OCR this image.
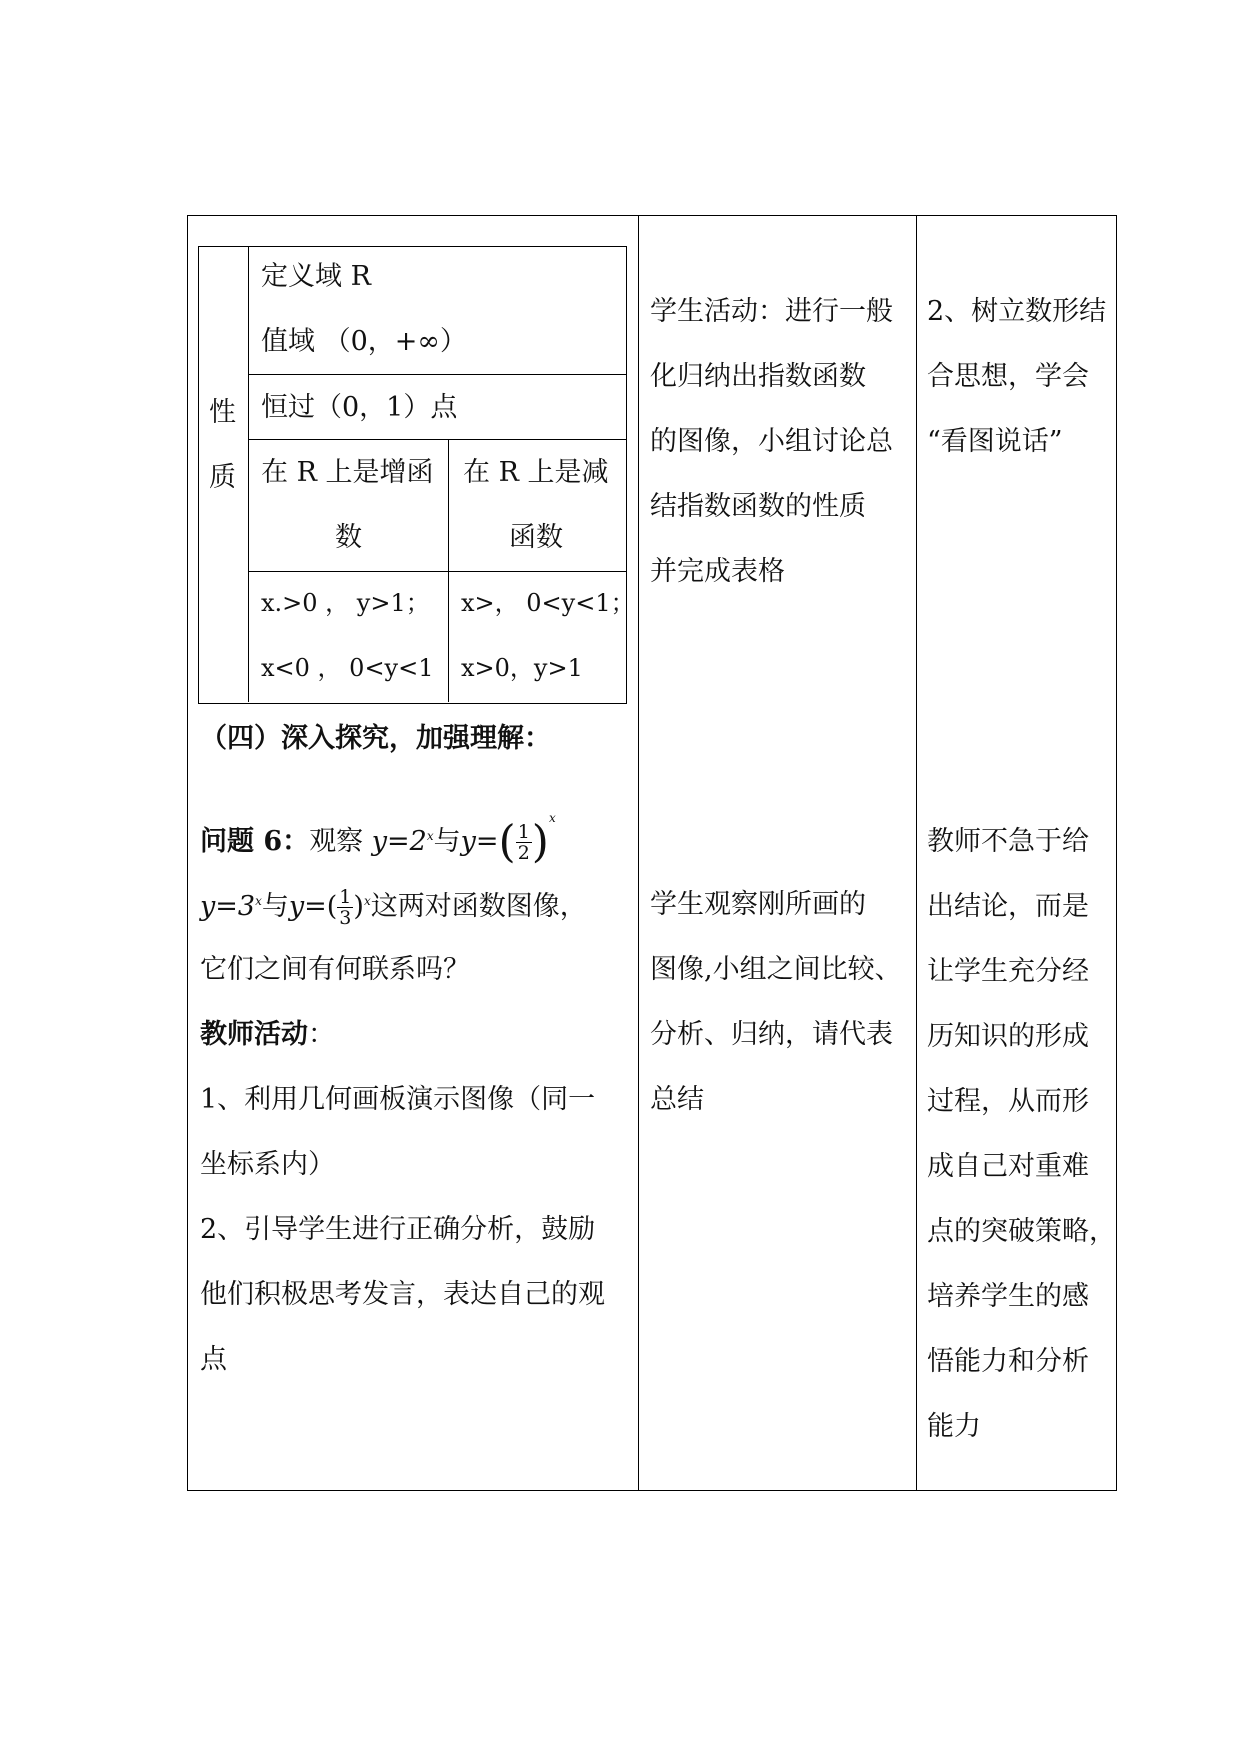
性
质
定义域 R
值域 （0，+∞）
恒过（0，1）点
在 R 上是增函
数
在 R 上是减
函数
x.>0 ， y>1；
x<0 ， 0<y<1
x>， 0<y<1；
x>0，y>1
（四）深入探究，加强理解：
问题 6：观察 $y=2^x$与$y=( \frac{1}{2} )^x$
$y=3^x$与$y=( \frac{1}{3} )^x$这两对函数图像，
它们之间有何联系吗？
教师活动：
1、利用几何画板演示图像（同一
坐标系内）
2、引导学生进行正确分析，鼓励
他们积极思考发言，表达自己的观
点
学生活动：进行一般
化归纳出指数函数
的图像，小组讨论总
结指数函数的性质
并完成表格
学生观察刚所画的
图像,小组之间比较、
分析、归纳，请代表
总结
2、树立数形结
合思想，学会
“看图说话”
教师不急于给
出结论，而是
让学生充分经
历知识的形成
过程，从而形
成自己对重难
点的突破策略，
培养学生的感
悟能力和分析
能力
